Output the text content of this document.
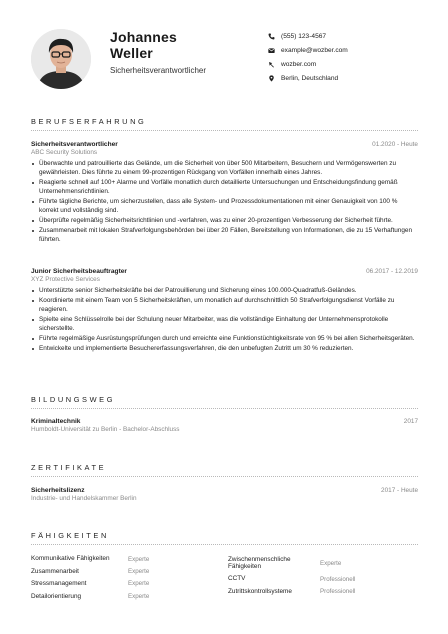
Johannes
Weller
Sicherheitsverantwortlicher
(555) 123-4567
example@wozber.com
wozber.com
Berlin, Deutschland
BERUFSERFAHRUNG
Sicherheitsverantwortlicher	01.2020 - Heute
ABC Security Solutions
Überwachte und patrouillierte das Gelände, um die Sicherheit von über 500 Mitarbeitern, Besuchern und Vermögenswerten zu gewährleisten. Dies führte zu einem 99-prozentigen Rückgang von Vorfällen innerhalb eines Jahres.
Reagierte schnell auf 100+ Alarme und Vorfälle monatlich durch detaillierte Untersuchungen und Entscheidungsfindung gemäß Unternehmensrichtlinien.
Führte tägliche Berichte, um sicherzustellen, dass alle System- und Prozessdokumentationen mit einer Genauigkeit von 100 % korrekt und vollständig sind.
Überprüfte regelmäßig Sicherheitsrichtlinien und -verfahren, was zu einer 20-prozentigen Verbesserung der Sicherheit führte.
Zusammenarbeit mit lokalen Strafverfolgungsbehörden bei über 20 Fällen, Bereitstellung von Informationen, die zu 15 Verhaftungen führten.
Junior Sicherheitsbeauftragter	06.2017 - 12.2019
XYZ Protective Services
Unterstützte senior Sicherheitskräfte bei der Patrouillierung und Sicherung eines 100.000-Quadratfuß-Geländes.
Koordinierte mit einem Team von 5 Sicherheitskräften, um monatlich auf durchschnittlich 50 Strafverfolgungsdienst Vorfälle zu reagieren.
Spielte eine Schlüsselrolle bei der Schulung neuer Mitarbeiter, was die vollständige Einhaltung der Unternehmensprotokolle sicherstellte.
Führte regelmäßige Ausrüstungsprüfungen durch und erreichte eine Funktionstüchtigkeitsrate von 95 % bei allen Sicherheitsgeräten.
Entwickelte und implementierte Besuchererfassungsverfahren, die den unbefugten Zutritt um 30 % reduzierten.
BILDUNGSWEG
Kriminaltechnik	2017
Humboldt-Universität zu Berlin - Bachelor-Abschluss
ZERTIFIKATE
Sicherheitslizenz	2017 - Heute
Industrie- und Handelskammer Berlin
FÄHIGKEITEN
Kommunikative Fähigkeiten	Experte
Zusammenarbeit	Experte
Stressmanagement	Experte
Detailorientierung	Experte
Zwischenmenschliche Fähigkeiten	Experte
CCTV	Professionell
Zutrittskontrollsysteme	Professionell
